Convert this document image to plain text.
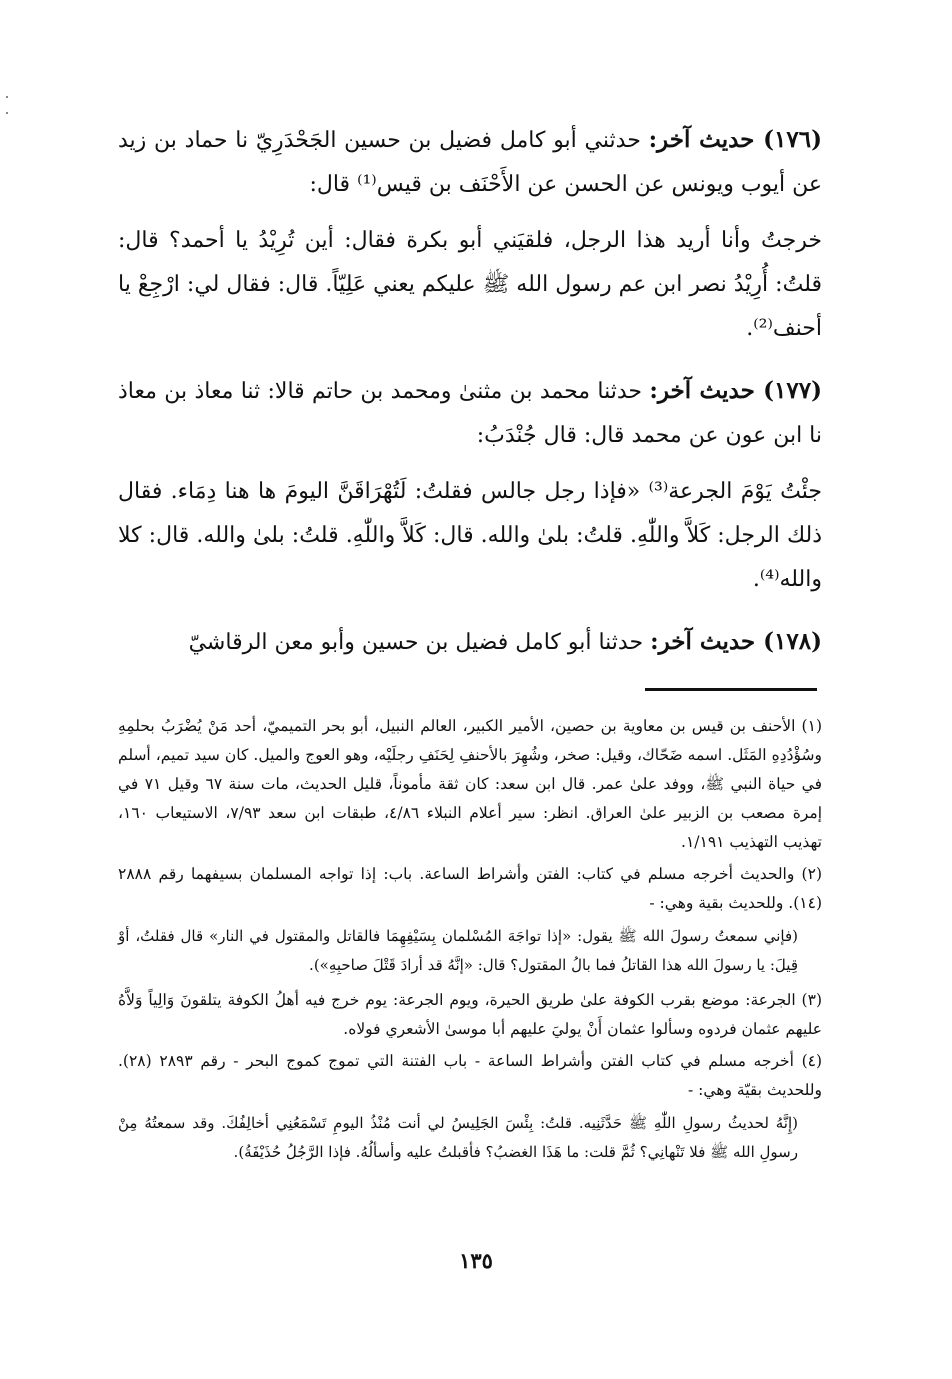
(١٧٦) حديث آخر: حدثني أبو كامل فضيل بن حسين الجَحْدَرِيّ نا حماد بن زيد عن أيوب ويونس عن الحسن عن الأَحْنَف بن قيس⁽¹⁾ قال:

خرجتُ وأنا أريد هذا الرجل، فلقيَني أبو بكرة فقال: أين تُرِيْدُ يا أحمد؟ قال: قلتُ: أُرِيْدُ نصر ابن عم رسول الله ﷺ عليكم يعني عَلِيّاً. قال: فقال لي: ارْجِعْ يا أحنف⁽²⁾.

(١٧٧) حديث آخر: حدثنا محمد بن مثنىٰ ومحمد بن حاتم قالا: ثنا معاذ بن معاذ نا ابن عون عن محمد قال: قال جُنْدَبُ:

جئْتُ يَوْمَ الجرعة⁽³⁾ «فإذا رجل جالس فقلتُ: لَتُهْرَاقَنَّ اليومَ ها هنا دِمَاء. فقال ذلك الرجل: كَلاَّ واللّٰهِ. قلتُ: بلىٰ والله. قال: كَلاَّ واللّٰهِ. قلتُ: بلىٰ والله. قال: كلا والله⁽⁴⁾.

(١٧٨) حديث آخر: حدثنا أبو كامل فضيل بن حسين وأبو معن الرقاشيّ

(١) الأحنف بن قيس بن معاوية بن حصين، الأمير الكبير، العالم النبيل، أبو بحر التميميّ، أحد مَنْ يُضْرَبُ بحلمِهِ وسُؤْدُدِهِ المَثَل. اسمه ضَحّاك، وقيل: صخر، وشُهِرَ بالأحنفِ لِحَنَفِ رجلَيْه، وهو العوج والميل. كان سيد تميم، أسلم في حياة النبي ﷺ، ووفد علىٰ عمر. قال ابن سعد: كان ثقة مأموناً، قليل الحديث، مات سنة ٦٧ وقيل ٧١ في إمرة مصعب بن الزبير علىٰ العراق. انظر: سير أعلام النبلاء ٤/٨٦، طبقات ابن سعد ٧/٩٣، الاستيعاب ١٦٠، تهذيب التهذيب ١/١٩١.

(٢) والحديث أخرجه مسلم في كتاب: الفتن وأشراط الساعة. باب: إذا تواجه المسلمان بسيفهما رقم ٢٨٨٨ (١٤). وللحديث بقية وهي: -

(فإني سمعتُ رسولَ الله ﷺ يقول: «إذا تواجَهَ المُسْلمان بِسَيْفِهِمَا فالقاتل والمقتول في النار» قال فقلتُ، أوْ قِيلَ: يا رسولَ الله هذا القاتلُ فما بالُ المقتول؟ قال: «إنَّهُ قد أرادَ قَتْلَ صاحبِهِ»).

(٣) الجرعة: موضع بقرب الكوفة علىٰ طريق الحيرة، ويوم الجرعة: يوم خرج فيه أهلُ الكوفة يتلقونَ وَالِياً وَلاَّهُ عليهم عثمان فردوه وسألوا عثمان أَنْ يوليَ عليهم أبا موسىٰ الأشعري فولاه.

(٤) أخرجه مسلم في كتاب الفتن وأشراط الساعة - باب الفتنة التي تموج كموج البحر - رقم ٢٨٩٣ (٢٨). وللحديث بقيّة وهي: -

(إِنَّهُ لحديثُ رسولِ اللّٰهِ ﷺ حَدَّثَنِيه. قلتُ: بِئْسَ الجَلِيسُ لي أنت مُنْذُ اليومِ تَسْمَعُنِي أخالِفُكَ. وقد سمعتُهُ مِنْ رسولِ الله ﷺ فلا تَنْهانِي؟ ثُمَّ قلت: ما هَذَا الغضبُ؟ فأقبلتُ عليه وأسألُهُ. فإذا الرَّجُلُ حُذَيْفَةُ).

١٣٥
